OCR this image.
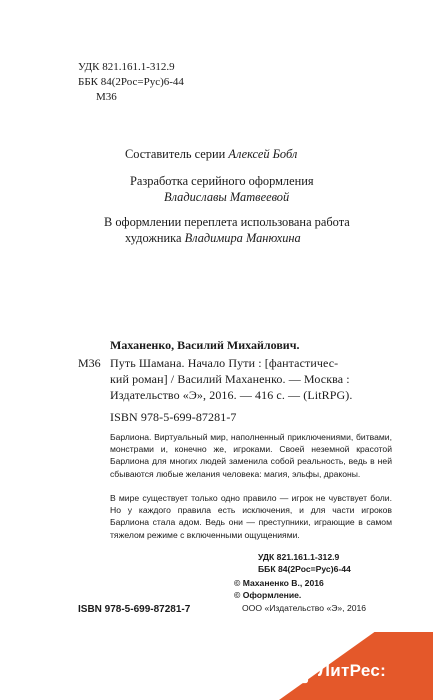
УДК 821.161.1-312.9
ББК 84(2Рос=Рус)6-44
М36
Составитель серии Алексей Бобл
Разработка серийного оформления
Владиславы Матвеевой
В оформлении переплета использована работа
художника Владимира Манюхина
Маханенко, Василий Михайлович.
М36 Путь Шамана. Начало Пути : [фантастичес-
кий роман] / Василий Маханенко. — Москва :
Издательство «Э», 2016. — 416 с. — (LitRPG).
ISBN 978-5-699-87281-7
Барлиона. Виртуальный мир, наполненный приключениями, битвами, монстрами и, конечно же, игроками. Своей неземной красотой Барлиона для многих людей заменила собой реальность, ведь в ней сбываются любые желания человека: магия, эльфы, драконы.
В мире существует только одно правило — игрок не чувствует боли. Но у каждого правила есть исключения, и для части игроков Барлиона стала адом. Ведь они — преступники, играющие в самом тяжелом режиме с включенными ощущениями.
УДК 821.161.1-312.9
ББК 84(2Рос=Рус)6-44
ISBN 978-5-699-87281-7
© Маханенко В., 2016
© Оформление.
ООО «Издательство «Э», 2016
ЛитРес:
